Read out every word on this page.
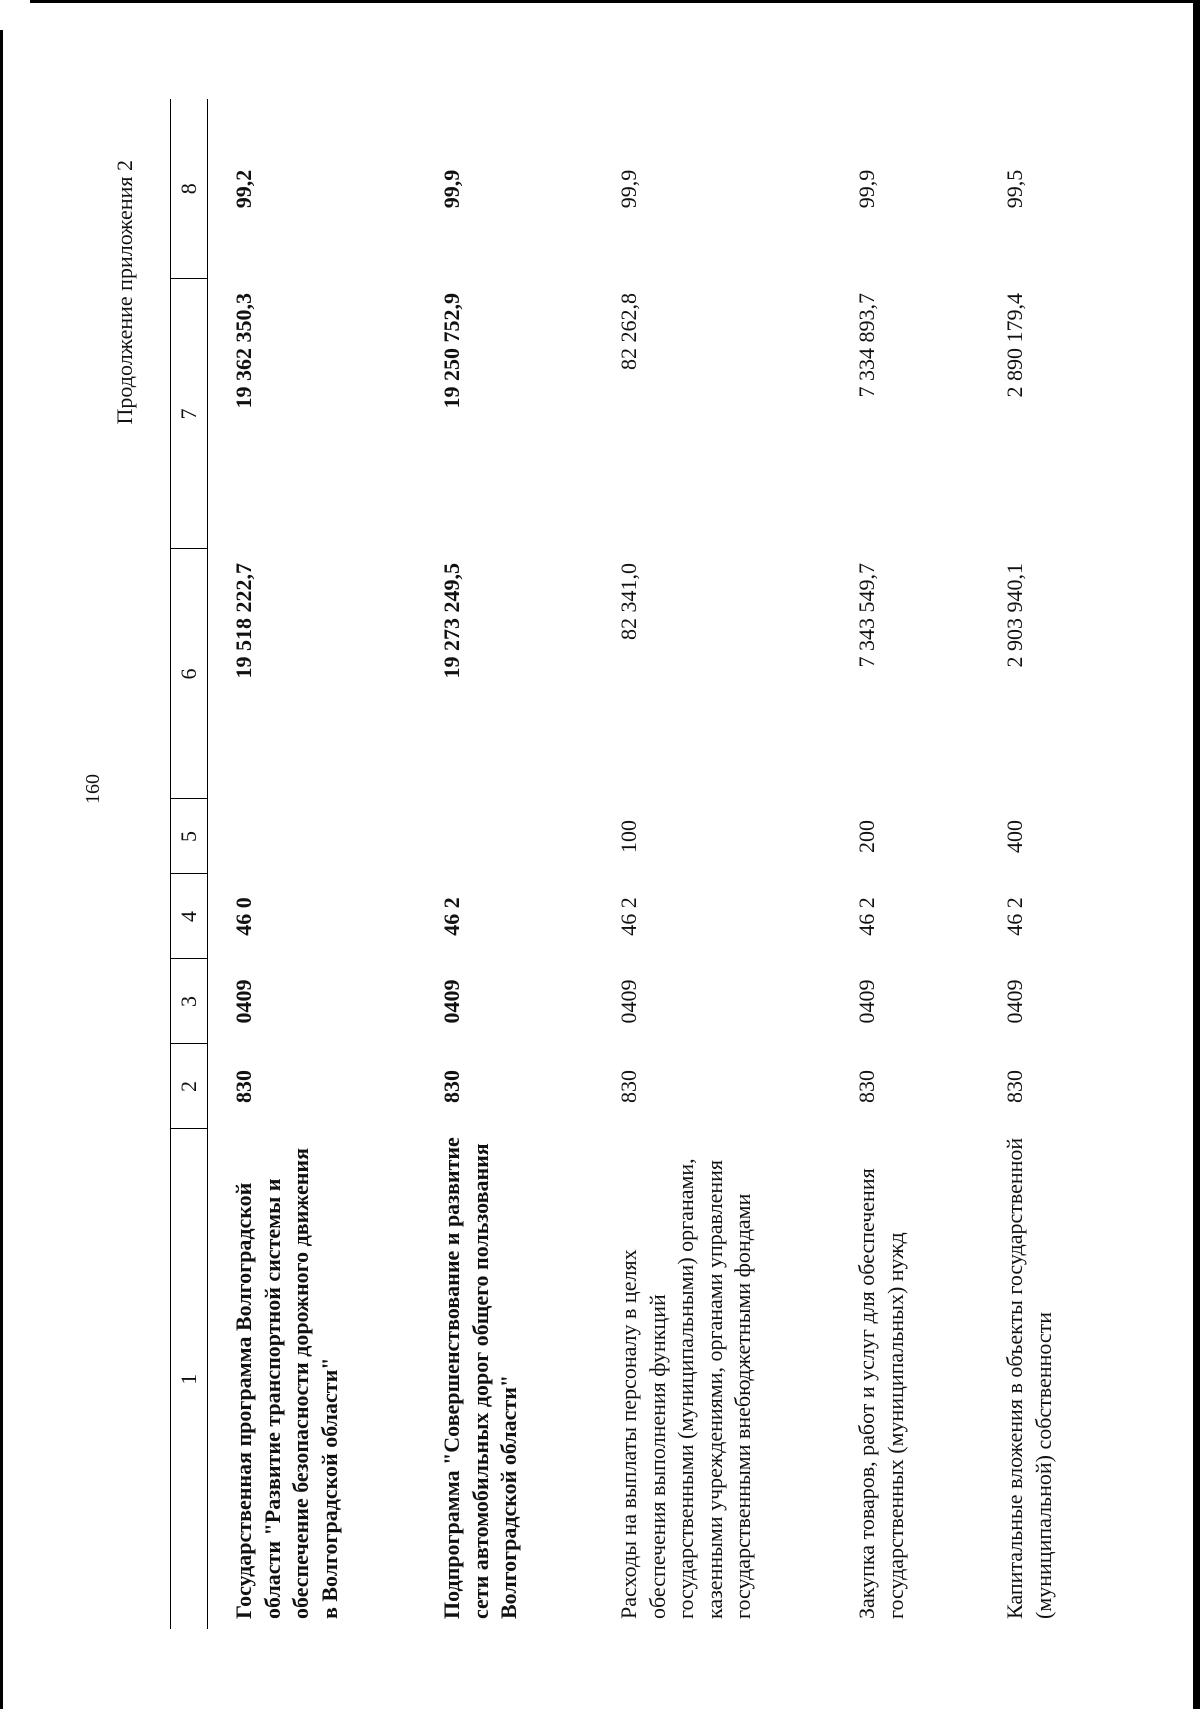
160
Продолжение приложения 2
1	2	3	4	5	6	7	8
Государственная программа Волгоградской области "Развитие транспортной системы и обеспечение безопасности дорожного движения в Волгоградской области"	830	0409	46 0		19 518 222,7	19 362 350,3	99,2
Подпрограмма "Совершенствование и развитие сети автомобильных дорог общего пользования Волгоградской области"	830	0409	46 2		19 273 249,5	19 250 752,9	99,9
Расходы на выплаты персоналу в целях обеспечения выполнения функций государственными (муниципальными) органами, казенными учреждениями, органами управления государственными внебюджетными фондами	830	0409	46 2	100	82 341,0	82 262,8	99,9
Закупка товаров, работ и услуг для обеспечения государственных (муниципальных) нужд	830	0409	46 2	200	7 343 549,7	7 334 893,7	99,9
Капитальные вложения в объекты государственной (муниципальной) собственности	830	0409	46 2	400	2 903 940,1	2 890 179,4	99,5
